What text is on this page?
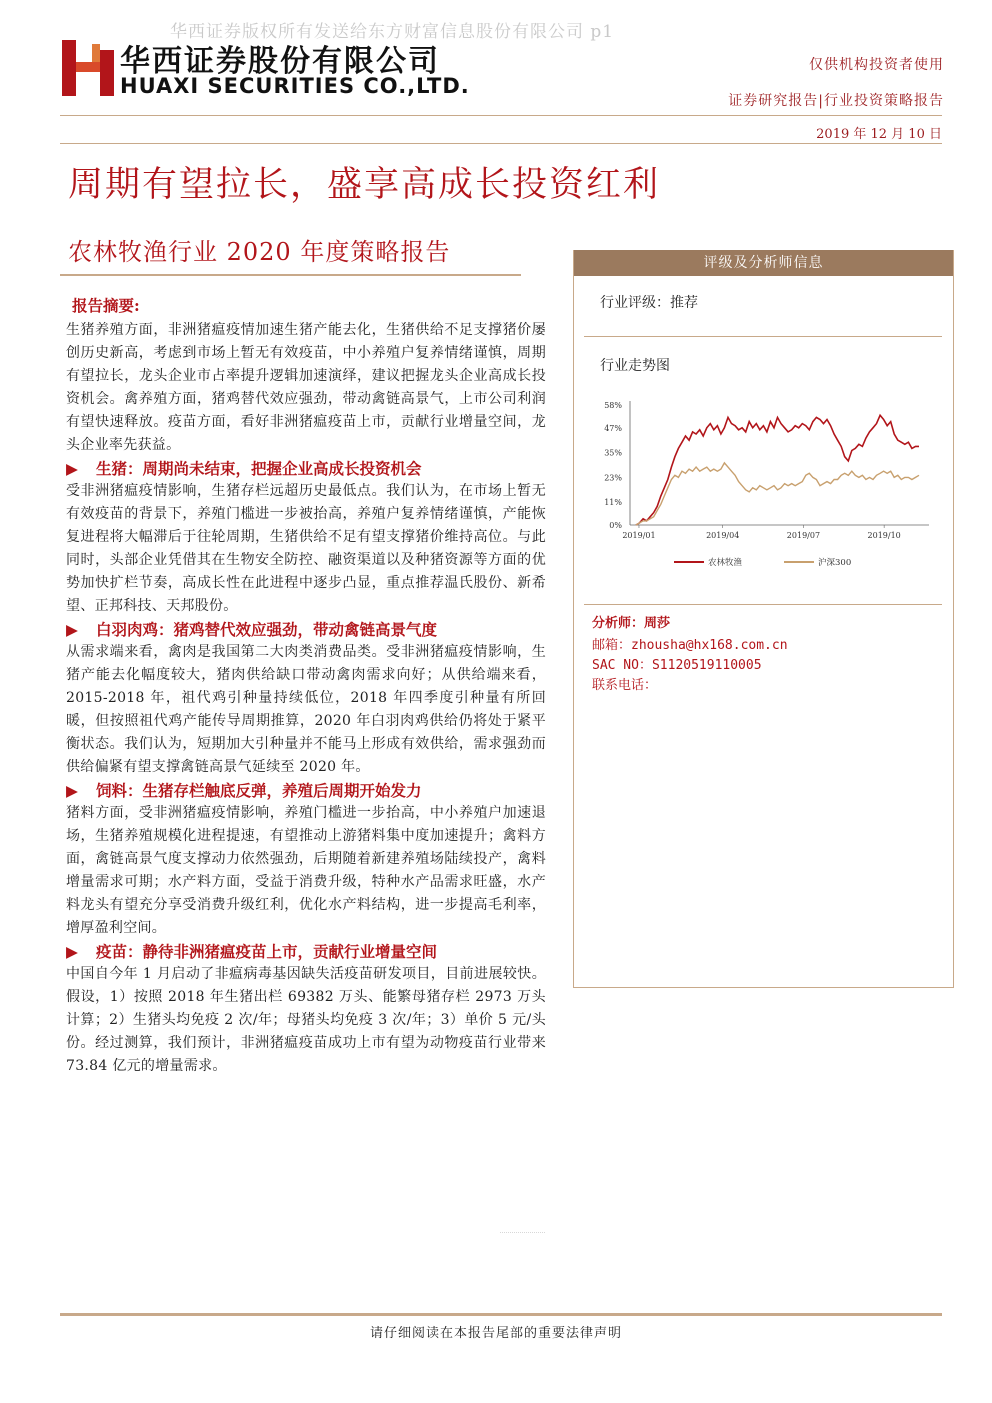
华西证券版权所有发送给东方财富信息股份有限公司 p1
华西证券股份有限公司
HUAXI SECURITIES CO.,LTD.
仅供机构投资者使用
证券研究报告|行业投资策略报告
2019 年 12 月 10 日
周期有望拉长，盛享高成长投资红利
农林牧渔行业 2020 年度策略报告

报告摘要:

生猪养殖方面，非洲猪瘟疫情加速生猪产能去化，生猪供给不足支撑猪价屡创历史新高，考虑到市场上暂无有效疫苗，中小养殖户复养情绪谨慎，周期有望拉长，龙头企业市占率提升逻辑加速演绎，建议把握龙头企业高成长投资机会。禽养殖方面，猪鸡替代效应强劲，带动禽链高景气，上市公司利润有望快速释放。疫苗方面，看好非洲猪瘟疫苗上市，贡献行业增量空间，龙头企业率先获益。

▶ 生猪：周期尚未结束，把握企业高成长投资机会

受非洲猪瘟疫情影响，生猪存栏远超历史最低点。我们认为，在市场上暂无有效疫苗的背景下，养殖门槛进一步被抬高，养殖户复养情绪谨慎，产能恢复进程将大幅滞后于往轮周期，生猪供给不足有望支撑猪价维持高位。与此同时，头部企业凭借其在生物安全防控、融资渠道以及种猪资源等方面的优势加快扩栏节奏，高成长性在此进程中逐步凸显，重点推荐温氏股份、新希望、正邦科技、天邦股份。

▶ 白羽肉鸡：猪鸡替代效应强劲，带动禽链高景气度

从需求端来看，禽肉是我国第二大肉类消费品类。受非洲猪瘟疫情影响，生猪产能去化幅度较大，猪肉供给缺口带动禽肉需求向好；从供给端来看，2015-2018 年，祖代鸡引种量持续低位，2018 年四季度引种量有所回暖，但按照祖代鸡产能传导周期推算，2020 年白羽肉鸡供给仍将处于紧平衡状态。我们认为，短期加大引种量并不能马上形成有效供给，需求强劲而供给偏紧有望支撑禽链高景气延续至 2020 年。

▶ 饲料：生猪存栏触底反弹，养殖后周期开始发力

猪料方面，受非洲猪瘟疫情影响，养殖门槛进一步抬高，中小养殖户加速退场，生猪养殖规模化进程提速，有望推动上游猪料集中度加速提升；禽料方面，禽链高景气度支撑动力依然强劲，后期随着新建养殖场陆续投产，禽料增量需求可期；水产料方面，受益于消费升级，特种水产品需求旺盛，水产料龙头有望充分享受消费升级红利，优化水产料结构，进一步提高毛利率，增厚盈利空间。

▶ 疫苗：静待非洲猪瘟疫苗上市，贡献行业增量空间

中国自今年 1 月启动了非瘟病毒基因缺失活疫苗研发项目，目前进展较快。假设，1）按照 2018 年生猪出栏 69382 万头、能繁母猪存栏 2973 万头计算；2）生猪头均免疫 2 次/年；母猪头均免疫 3 次/年；3）单价 5 元/头份。经过测算，我们预计，非洲猪瘟疫苗成功上市有望为动物疫苗行业带来 73.84 亿元的增量需求。

评级及分析师信息
行业评级：推荐
行业走势图
0%
11%
23%
35%
47%
58%
2019/01	2019/04	2019/07	2019/10
农林牧渔	沪深300
分析师：周莎
邮箱：zhousha@hx168.com.cn
SAC NO：S1120519110005
联系电话：
请仔细阅读在本报告尾部的重要法律声明
